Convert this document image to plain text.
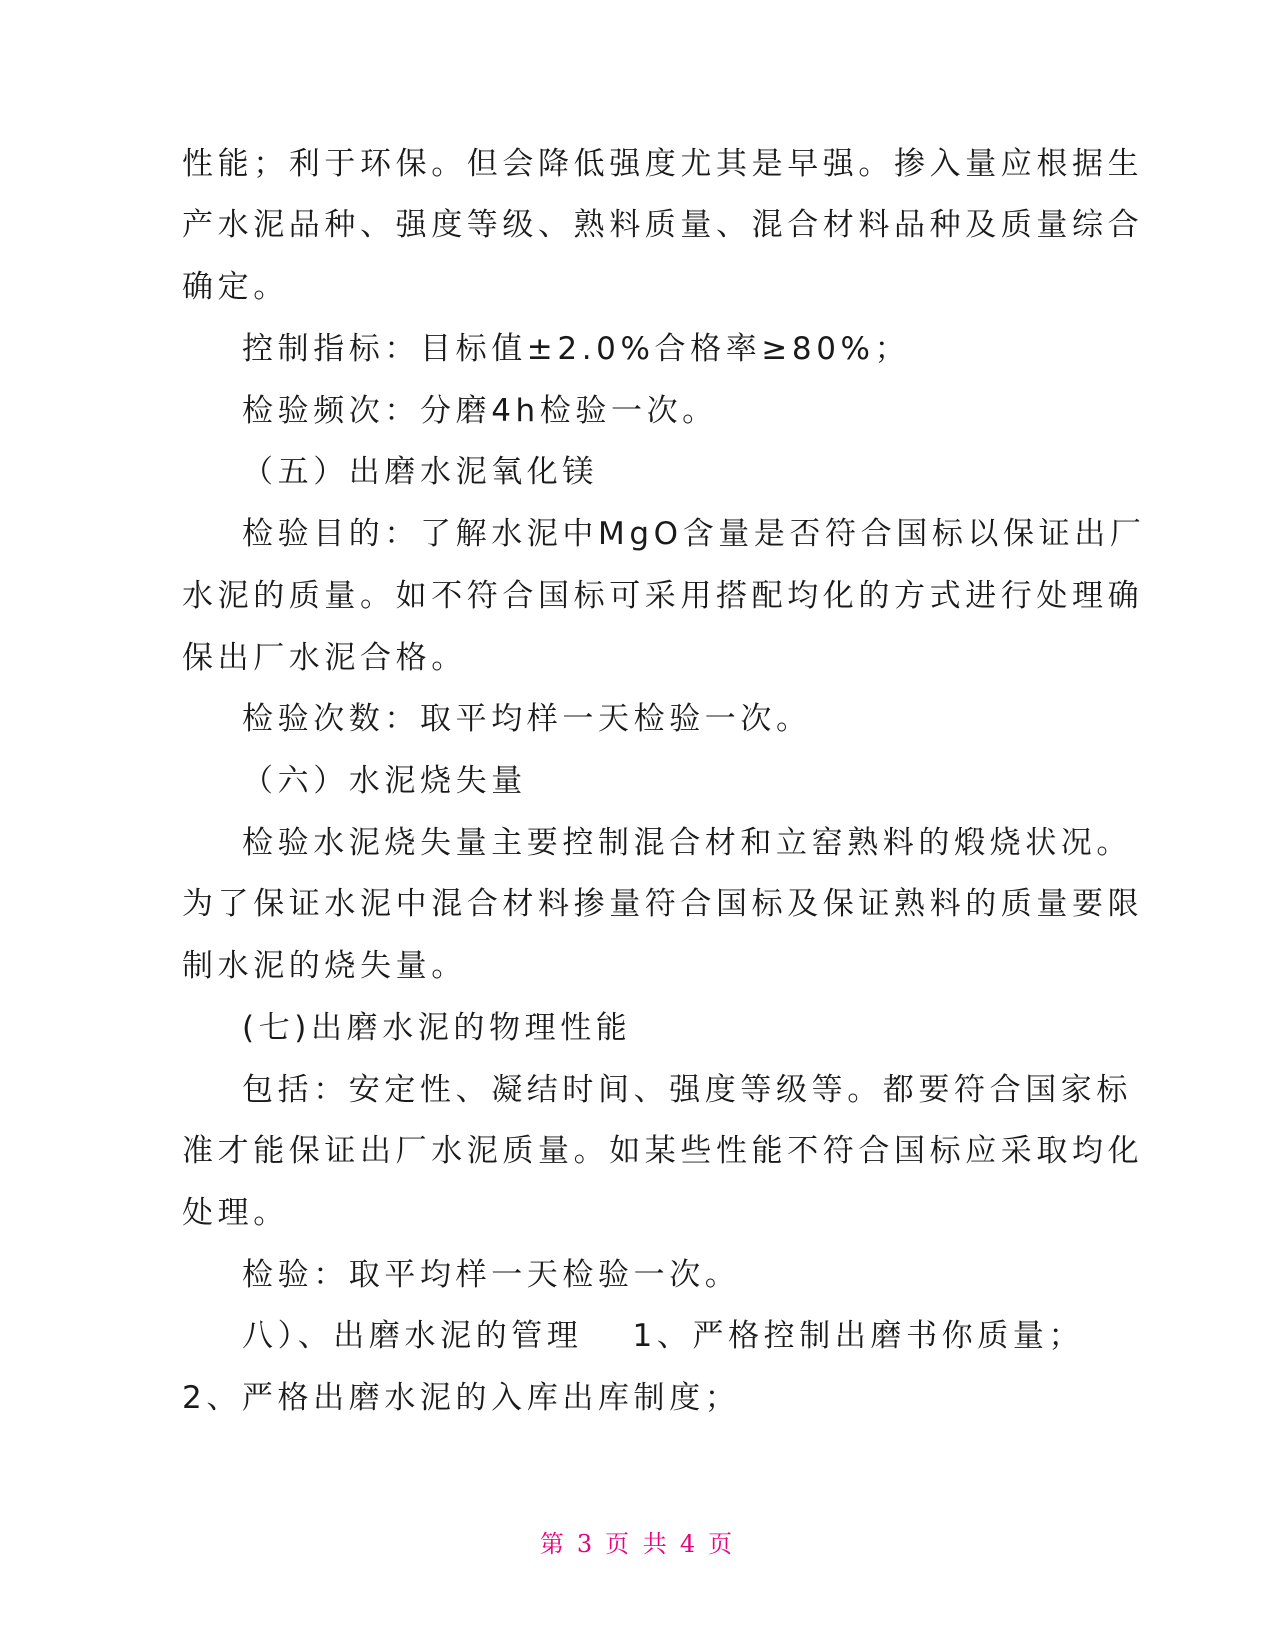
性能；利于环保。但会降低强度尤其是早强。掺入量应根据生
产水泥品种、强度等级、熟料质量、混合材料品种及质量综合
确定。
控制指标：目标值±2.0%合格率≥80%；
检验频次：分磨4h检验一次。
（五）出磨水泥氧化镁
检验目的：了解水泥中MgO含量是否符合国标以保证出厂
水泥的质量。如不符合国标可采用搭配均化的方式进行处理确
保出厂水泥合格。
检验次数：取平均样一天检验一次。
（六）水泥烧失量
检验水泥烧失量主要控制混合材和立窑熟料的煅烧状况。
为了保证水泥中混合材料掺量符合国标及保证熟料的质量要限
制水泥的烧失量。
(七)出磨水泥的物理性能
包括：安定性、凝结时间、强度等级等。都要符合国家标
准才能保证出厂水泥质量。如某些性能不符合国标应采取均化
处理。
检验：取平均样一天检验一次。
八）、出磨水泥的管理　 1、严格控制出磨书你质量；
2、严格出磨水泥的入库出库制度；
第 3 页 共 4 页
